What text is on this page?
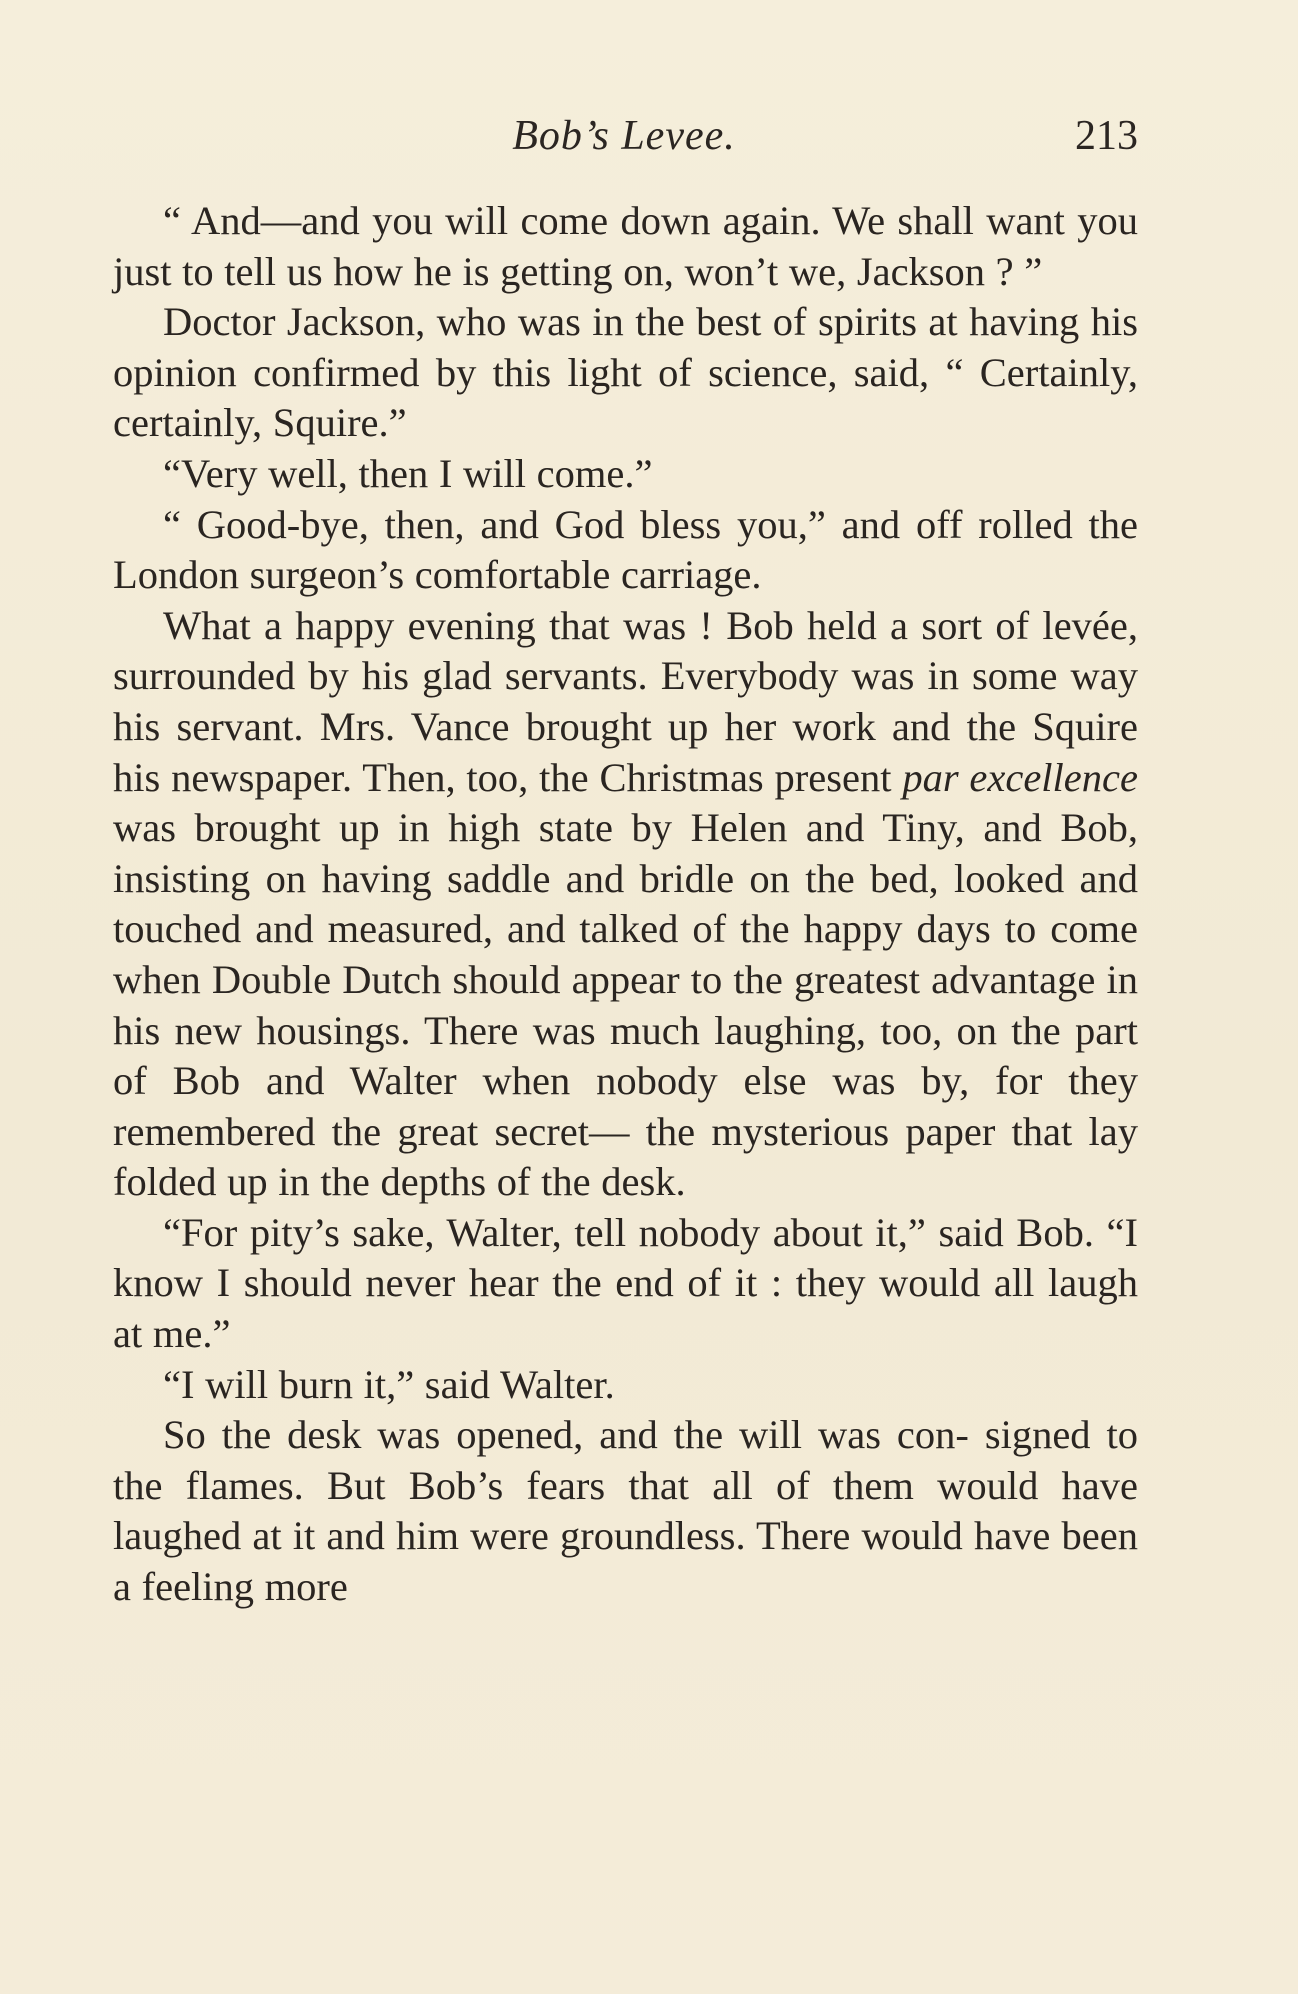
Bob’s Levee.	213

“ And—and you will come down again. We shall want you just to tell us how he is getting on, won’t we, Jackson ? ”

Doctor Jackson, who was in the best of spirits at having his opinion confirmed by this light of science, said, “ Certainly, certainly, Squire.”

“Very well, then I will come.”

“ Good-bye, then, and God bless you,” and off rolled the London surgeon’s comfortable carriage.

What a happy evening that was ! Bob held a sort of levée, surrounded by his glad servants. Everybody was in some way his servant. Mrs. Vance brought up her work and the Squire his newspaper. Then, too, the Christmas present par excellence was brought up in high state by Helen and Tiny, and Bob, insisting on having saddle and bridle on the bed, looked and touched and measured, and talked of the happy days to come when Double Dutch should appear to the greatest advantage in his new housings. There was much laughing, too, on the part of Bob and Walter when nobody else was by, for they remembered the great secret— the mysterious paper that lay folded up in the depths of the desk.

“For pity’s sake, Walter, tell nobody about it,” said Bob. “I know I should never hear the end of it : they would all laugh at me.”

“I will burn it,” said Walter.

So the desk was opened, and the will was con- signed to the flames. But Bob’s fears that all of them would have laughed at it and him were groundless. There would have been a feeling more
